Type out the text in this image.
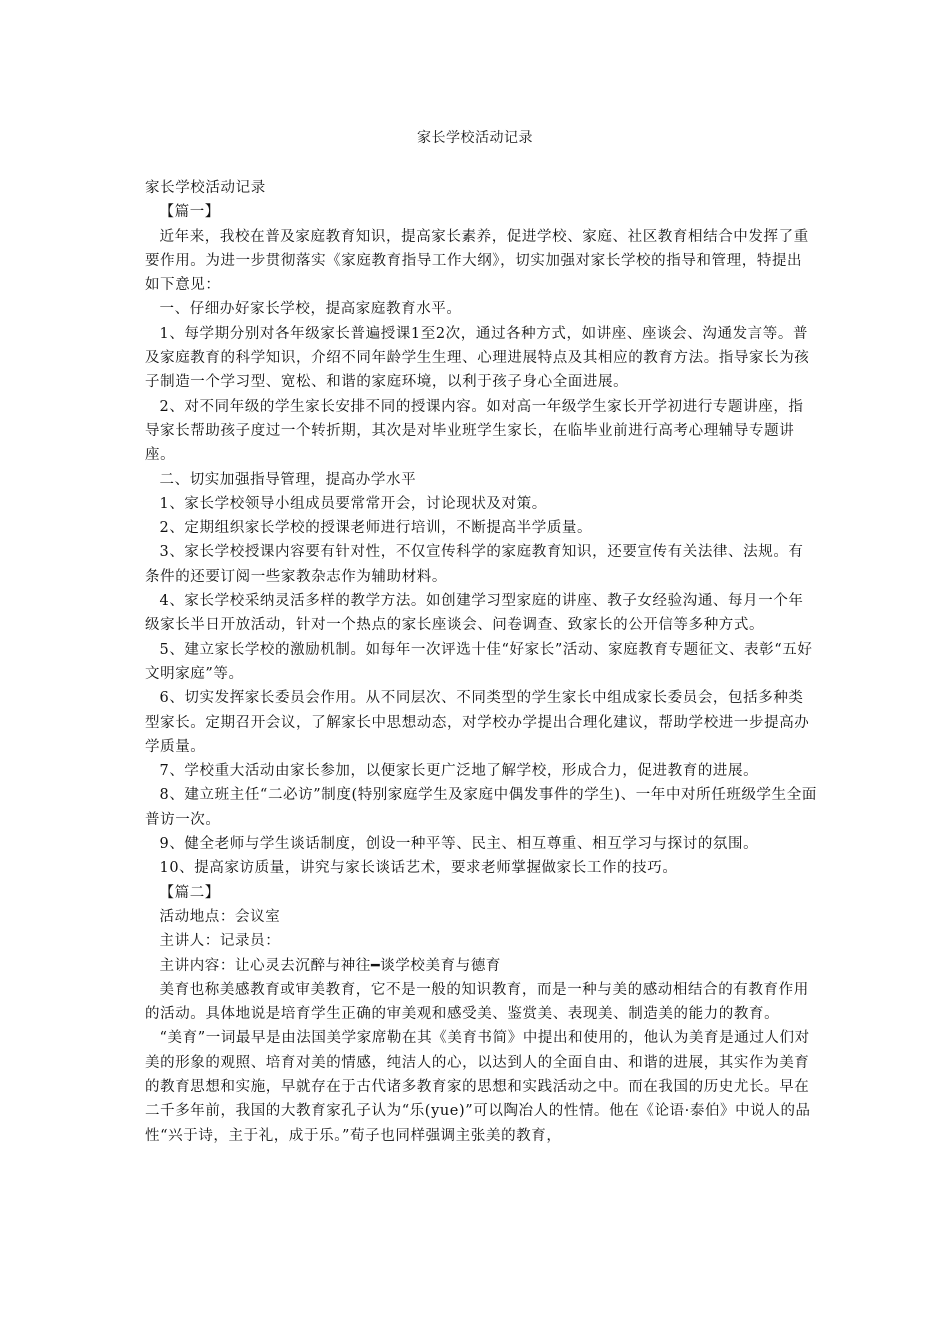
家长学校活动记录

家长学校活动记录

【篇一】

近年来，我校在普及家庭教育知识，提高家长素养，促进学校、家庭、社区教育相结合中发挥了重要作用。为进一步贯彻落实《家庭教育指导工作大纲》，切实加强对家长学校的指导和管理，特提出如下意见：

一、仔细办好家长学校，提高家庭教育水平。

1、每学期分别对各年级家长普遍授课1至2次，通过各种方式，如讲座、座谈会、沟通发言等。普及家庭教育的科学知识，介绍不同年龄学生生理、心理进展特点及其相应的教育方法。指导家长为孩子制造一个学习型、宽松、和谐的家庭环境，以利于孩子身心全面进展。

2、对不同年级的学生家长安排不同的授课内容。如对高一年级学生家长开学初进行专题讲座，指导家长帮助孩子度过一个转折期，其次是对毕业班学生家长，在临毕业前进行高考心理辅导专题讲座。

二、切实加强指导管理，提高办学水平

1、家长学校领导小组成员要常常开会，讨论现状及对策。

2、定期组织家长学校的授课老师进行培训，不断提高半学质量。

3、家长学校授课内容要有针对性，不仅宣传科学的家庭教育知识，还要宣传有关法律、法规。有条件的还要订阅一些家教杂志作为辅助材料。

4、家长学校采纳灵活多样的教学方法。如创建学习型家庭的讲座、教子女经验沟通、每月一个年级家长半日开放活动，针对一个热点的家长座谈会、问卷调查、致家长的公开信等多种方式。

5、建立家长学校的激励机制。如每年一次评选十佳“好家长”活动、家庭教育专题征文、表彰“五好文明家庭”等。

6、切实发挥家长委员会作用。从不同层次、不同类型的学生家长中组成家长委员会，包括多种类型家长。定期召开会议，了解家长中思想动态，对学校办学提出合理化建议，帮助学校进一步提高办学质量。

7、学校重大活动由家长参加，以便家长更广泛地了解学校，形成合力，促进教育的进展。

8、建立班主任“二必访”制度(特别家庭学生及家庭中偶发事件的学生)、一年中对所任班级学生全面普访一次。

9、健全老师与学生谈话制度，创设一种平等、民主、相互尊重、相互学习与探讨的氛围。

10、提高家访质量，讲究与家长谈话艺术，要求老师掌握做家长工作的技巧。

【篇二】

活动地点：会议室

主讲人：记录员：

主讲内容：让心灵去沉醉与神往━谈学校美育与德育

美育也称美感教育或审美教育，它不是一般的知识教育，而是一种与美的感动相结合的有教育作用的活动。具体地说是培育学生正确的审美观和感受美、鉴赏美、表现美、制造美的能力的教育。

“美育”一词最早是由法国美学家席勒在其《美育书简》中提出和使用的，他认为美育是通过人们对美的形象的观照、培育对美的情感，纯洁人的心，以达到人的全面自由、和谐的进展，其实作为美育的教育思想和实施，早就存在于古代诸多教育家的思想和实践活动之中。而在我国的历史尤长。早在二千多年前，我国的大教育家孔子认为“乐(yue)”可以陶冶人的性情。他在《论语·泰伯》中说人的品性“兴于诗，主于礼，成于乐。”荀子也同样强调主张美的教育，
